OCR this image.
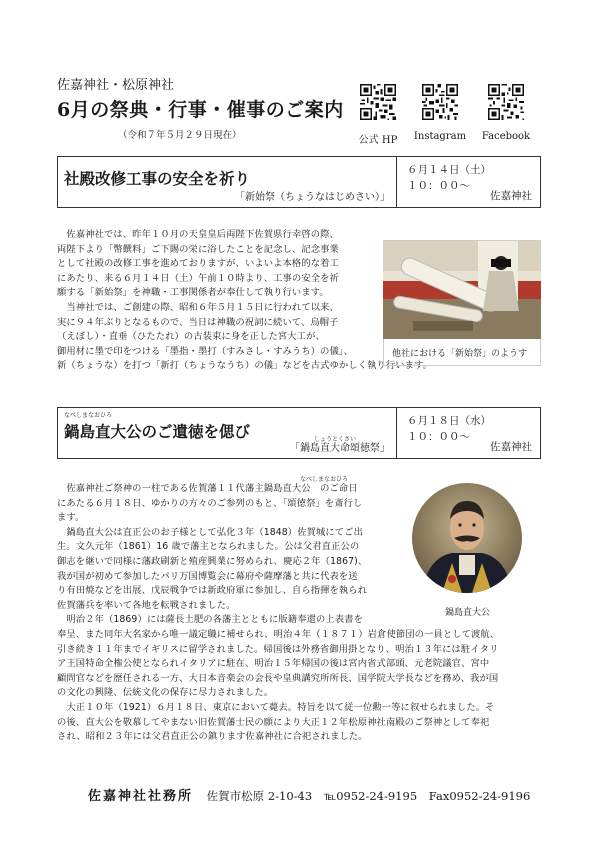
佐嘉神社・松原神社
6月の祭典・行事・催事のご案内
（令和７年５月２９日現在）	公式 HP	Instagram	Facebook
社殿改修工事の安全を祈り
「新始祭（ちょうなはじめさい）」
６月１４日（土）
１０：００～
佐嘉神社

　佐嘉神社では、昨年１０月の天皇皇后両陛下佐賀県行幸啓の際、

両陛下より「幣饌料」ご下賜の栄に浴したことを記念し、記念事業

として社殿の改修工事を進めておりますが、いよいよ本格的な着工

にあたり、来る６月１４日（土）午前１０時より、工事の安全を祈

願する「新始祭」を神職・工事関係者が奉仕して執り行います。

　当神社では、ご創建の際、昭和６年５月１５日に行われて以来、

実に９４年ぶりとなるもので、当日は神職の祝詞に続いて、烏帽子

（えぼし）・直垂（ひたたれ）の古装束に身を正した宮大工が、

御用材に墨で印をつける「墨指・墨打（すみさし・すみうち）の儀」、

新（ちょうな）を打つ「新打（ちょうなうち）の儀」などを古式ゆかしく執り行います。

他社における「新始祭」のようす
なべしまなおひろ
鍋島直大公のご遺徳を偲び	しょうとくさい
「鍋島直大命頌徳祭」
６月１８日（水）
１０：００～
佐嘉神社
なべしまなおひろ

　佐嘉神社ご祭神の一柱である佐賀藩１１代藩主鍋島直大公　のご命日

にあたる６月１８日、ゆかりの方々のご参列のもと、「頌徳祭」を斎行し

ます。

　鍋島直大公は直正公のお子様として弘化３年（1848）佐賀城にてご出

生。文久元年（1861）16 歳で藩主となられました。公は父君直正公の

御志を継いで同様に藩政刷新と殖産興業に努められ、慶応２年（1867)、

我が国が初めて参加したパリ万国博覧会に幕府や薩摩藩と共に代表を送

り有田焼などを出展、戊辰戦争では新政府軍に参加し、自ら指揮を執られ

佐賀藩兵を率いて各地を転戦されました。

　明治２年（1869）には薩長土肥の各藩主とともに版籍奉還の上表書を

奉呈、また同年大名家から唯一議定職に補せられ、明治４年（１８７１）岩倉使節団の一員として渡航、

引き続き１１年までイギリスに留学されました。帰国後は外務省御用掛となり、明治１３年には駐イタリ

ア王国特命全権公使となられイタリアに駐在、明治１５年帰国の後は宮内省式部頭、元老院議官、宮中

顧問官などを歴任される一方、大日本音楽会の会長や皇典講究所所長、国学院大学長などを務め、我が国

の文化の興隆、伝統文化の保存に尽力されました。

　大正１０年（1921）６月１８日、東京において薨去。特旨を以て従一位勲一等に叙せられました。そ

の後、直大公を敬慕してやまない旧佐賀藩士民の願により大正１２年松原神社南殿のご祭神として奉祀

され、昭和２３年には父君直正公の鎮ります佐嘉神社に合祀されました。

鍋島直大公
佐嘉神社社務所 佐賀市松原 2-10-43 ℡0952-24-9195 Fax0952-24-9196
